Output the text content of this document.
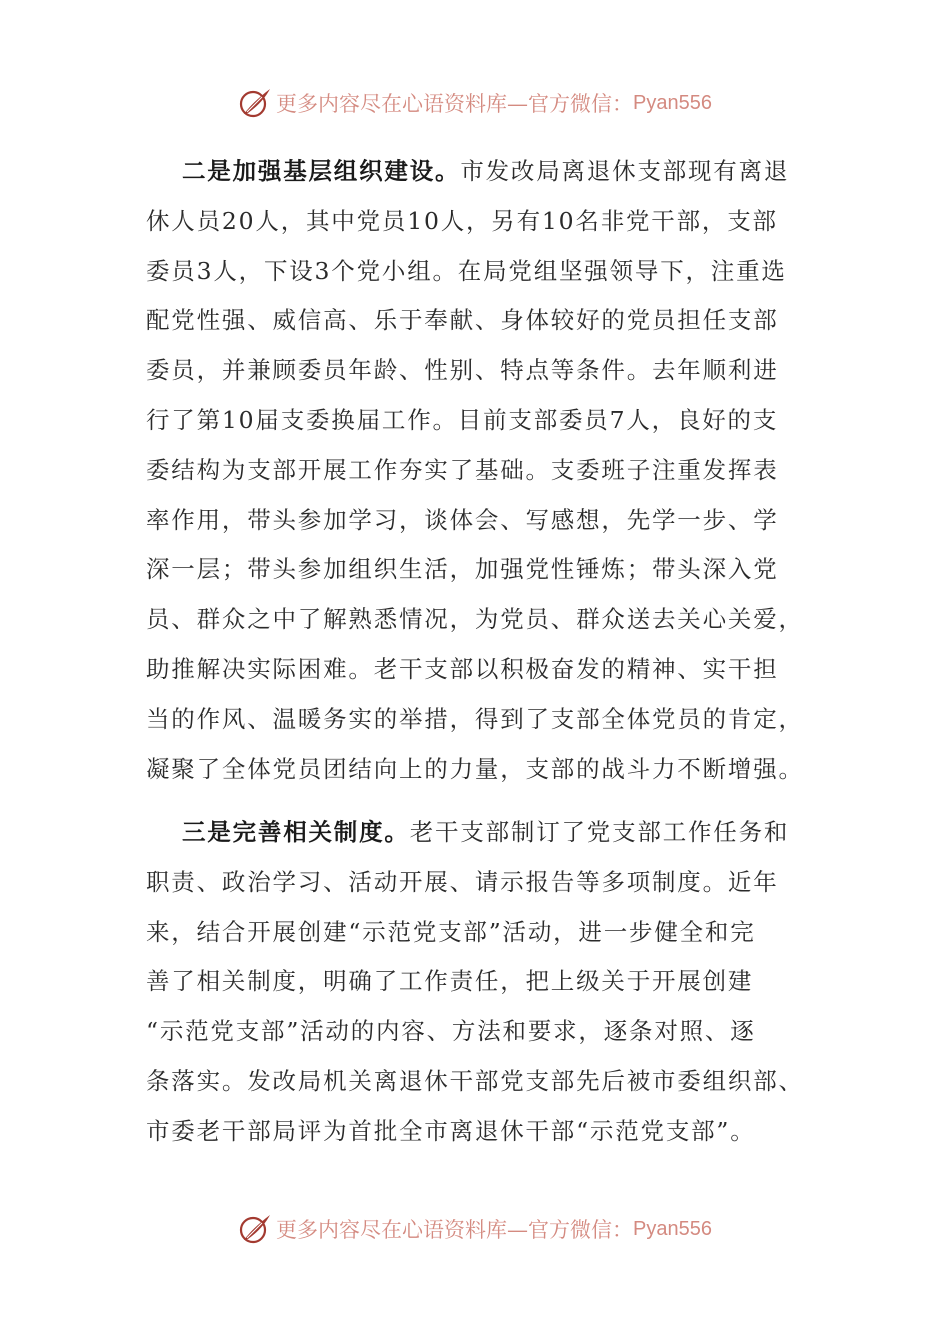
更多内容尽在心语资料库—官方微信： Pyan556
二是加强基层组织建设。市发改局离退休支部现有离退
休人员20人，其中党员10人，另有10名非党干部，支部
委员3人，下设3个党小组。在局党组坚强领导下，注重选
配党性强、威信高、乐于奉献、身体较好的党员担任支部
委员，并兼顾委员年龄、性别、特点等条件。去年顺利进
行了第10届支委换届工作。目前支部委员7人，良好的支
委结构为支部开展工作夯实了基础。支委班子注重发挥表
率作用，带头参加学习，谈体会、写感想，先学一步、学
深一层；带头参加组织生活，加强党性锤炼；带头深入党
员、群众之中了解熟悉情况，为党员、群众送去关心关爱，
助推解决实际困难。老干支部以积极奋发的精神、实干担
当的作风、温暖务实的举措，得到了支部全体党员的肯定，
凝聚了全体党员团结向上的力量，支部的战斗力不断增强。
三是完善相关制度。老干支部制订了党支部工作任务和
职责、政治学习、活动开展、请示报告等多项制度。近年
来，结合开展创建“示范党支部”活动，进一步健全和完
善了相关制度，明确了工作责任，把上级关于开展创建
“示范党支部”活动的内容、方法和要求，逐条对照、逐
条落实。发改局机关离退休干部党支部先后被市委组织部、
市委老干部局评为首批全市离退休干部“示范党支部”。
更多内容尽在心语资料库—官方微信： Pyan556
